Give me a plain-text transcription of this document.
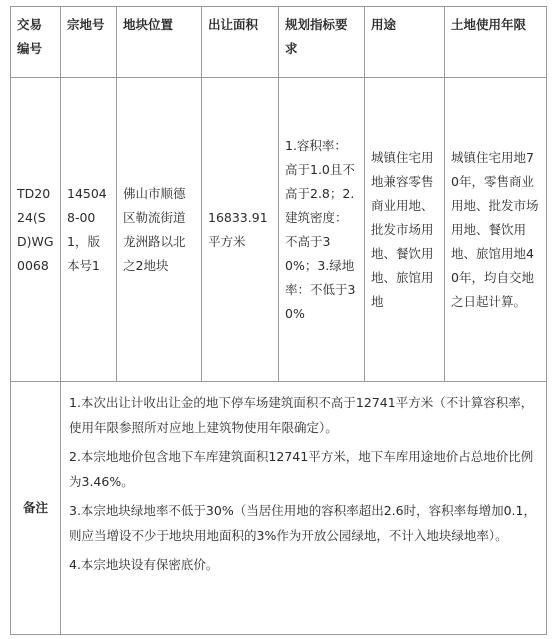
交易编号	宗地号	地块位置	出让面积	规划指标要求	用途	土地使用年限
TD2024(SD)WG0068	145048-001，版本号1	佛山市顺德区勒流街道龙洲路以北之2地块	16833.91平方米	1.容积率：高于1.0且不高于2.8；2.建筑密度：不高于30%；3.绿地率：不低于30%	城镇住宅用地兼容零售商业用地、批发市场用地、餐饮用地、旅馆用地	城镇住宅用地70年，零售商业用地、批发市场用地、餐饮用地、旅馆用地40年，均自交地之日起计算。
备注	1.本次出让计收出让金的地下停车场建筑面积不高于12741平方米（不计算容积率，使用年限参照所对应地上建筑物使用年限确定）。
2.本宗地地价包含地下车库建筑面积12741平方米，地下车库用途地价占总地价比例为3.46%。
3.本宗地块绿地率不低于30%（当居住用地的容积率超出2.6时，容积率每增加0.1，则应当增设不少于地块用地面积的3%作为开放公园绿地，不计入地块绿地率）。
4.本宗地块设有保密底价。					
